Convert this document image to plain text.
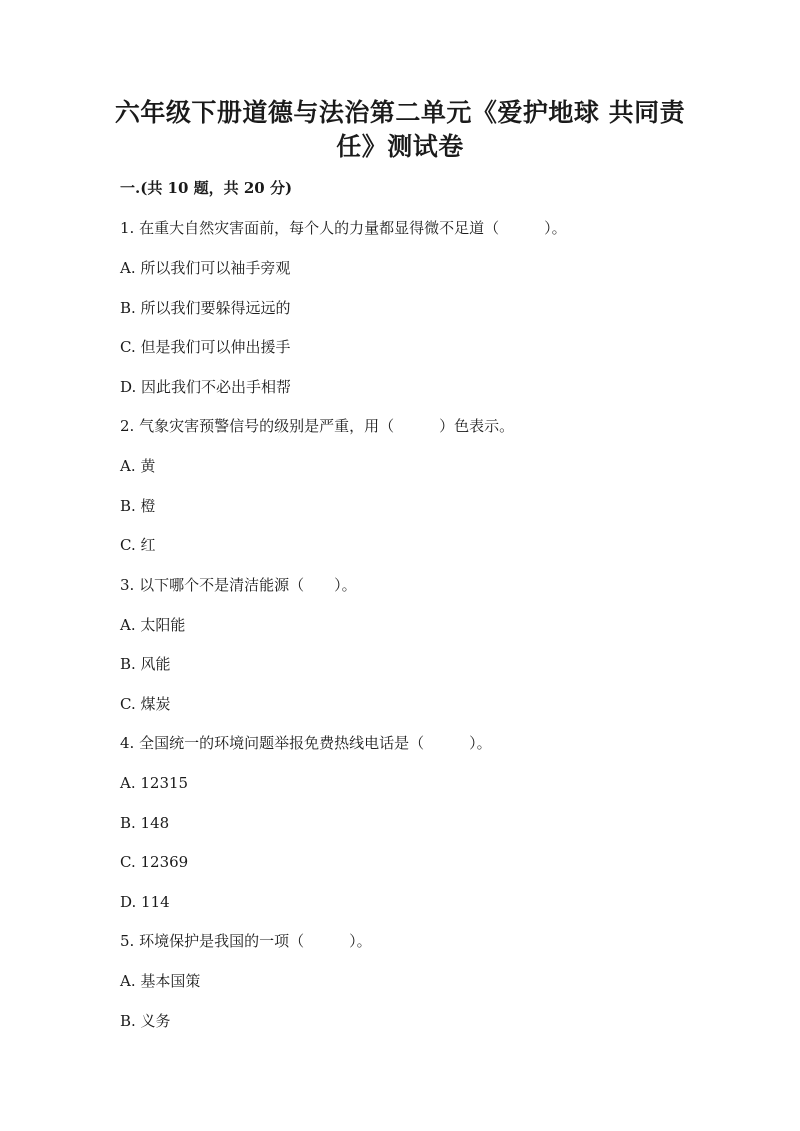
六年级下册道德与法治第二单元《爱护地球 共同责
任》测试卷

一.(共 10 题，共 20 分)

1. 在重大自然灾害面前，每个人的力量都显得微不足道（　　　）。

A. 所以我们可以袖手旁观

B. 所以我们要躲得远远的

C. 但是我们可以伸出援手

D. 因此我们不必出手相帮

2. 气象灾害预警信号的级别是严重，用（　　　）色表示。

A. 黄

B. 橙

C. 红

3. 以下哪个不是清洁能源（　　）。

A. 太阳能

B. 风能

C. 煤炭

4. 全国统一的环境问题举报免费热线电话是（　　　）。

A. 12315

B. 148

C. 12369

D. 114

5. 环境保护是我国的一项（　　　）。

A. 基本国策

B. 义务
